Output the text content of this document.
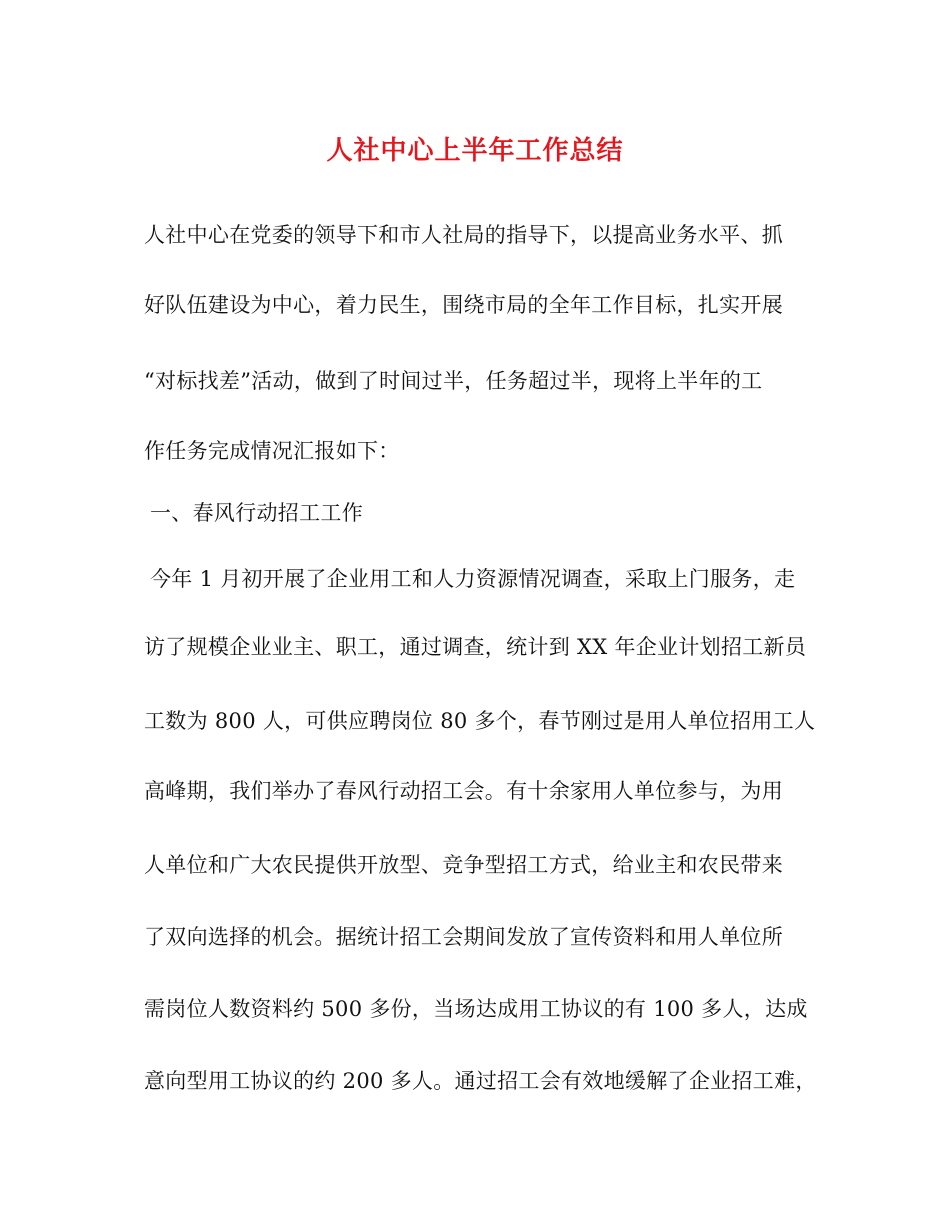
人社中心上半年工作总结
人社中心在党委的领导下和市人社局的指导下，以提高业务水平、抓
好队伍建设为中心，着力民生，围绕市局的全年工作目标，扎实开展
“对标找差”活动，做到了时间过半，任务超过半，现将上半年的工
作任务完成情况汇报如下：
一、春风行动招工工作
今年 1 月初开展了企业用工和人力资源情况调查，采取上门服务，走
访了规模企业业主、职工，通过调查，统计到 XX 年企业计划招工新员
工数为 800 人，可供应聘岗位 80 多个，春节刚过是用人单位招用工人
高峰期，我们举办了春风行动招工会。有十余家用人单位参与，为用
人单位和广大农民提供开放型、竞争型招工方式，给业主和农民带来
了双向选择的机会。据统计招工会期间发放了宣传资料和用人单位所
需岗位人数资料约 500 多份，当场达成用工协议的有 100 多人，达成
意向型用工协议的约 200 多人。通过招工会有效地缓解了企业招工难，
